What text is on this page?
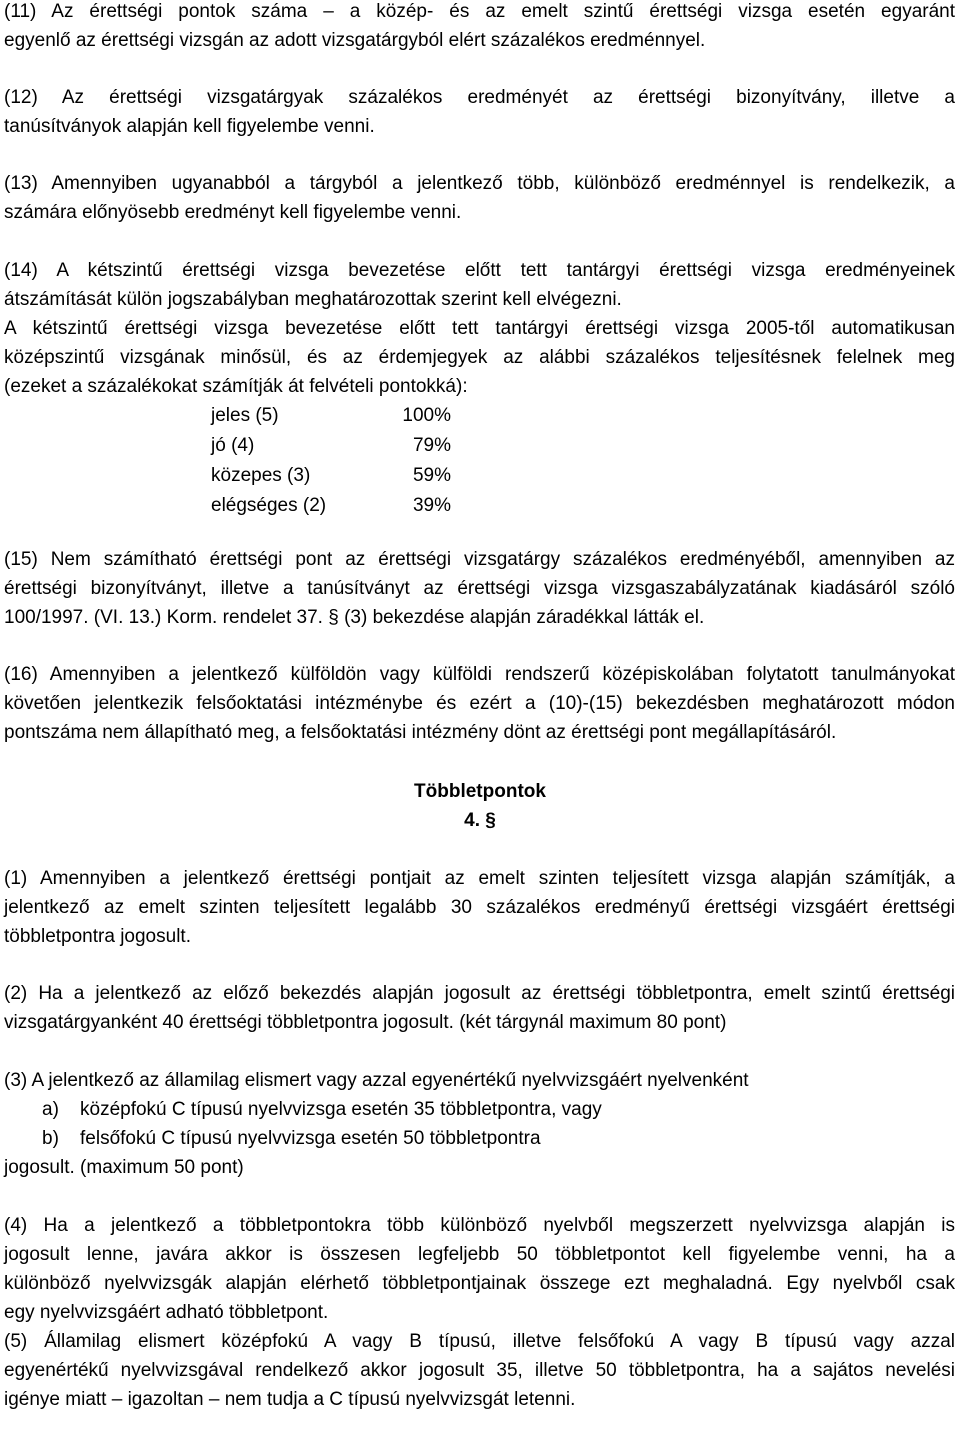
(11) Az érettségi pontok száma – a közép- és az emelt szintű érettségi vizsga esetén egyaránt
egyenlő az érettségi vizsgán az adott vizsgatárgyból elért százalékos eredménnyel.

(12) Az érettségi vizsgatárgyak százalékos eredményét az érettségi bizonyítvány, illetve a
tanúsítványok alapján kell figyelembe venni.

(13) Amennyiben ugyanabból a tárgyból a jelentkező több, különböző eredménnyel is rendelkezik, a
számára előnyösebb eredményt kell figyelembe venni.

(14) A kétszintű érettségi vizsga bevezetése előtt tett tantárgyi érettségi vizsga eredményeinek
átszámítását külön jogszabályban meghatározottak szerint kell elvégezni.
A kétszintű érettségi vizsga bevezetése előtt tett tantárgyi érettségi vizsga 2005-től automatikusan
középszintű vizsgának minősül, és az érdemjegyek az alábbi százalékos teljesítésnek felelnek meg
(ezeket a százalékokat számítják át felvételi pontokká):

jeles (5)	100%
jó (4)	79%
közepes (3)	59%
elégséges (2)	39%

(15) Nem számítható érettségi pont az érettségi vizsgatárgy százalékos eredményéből, amennyiben az
érettségi bizonyítványt, illetve a tanúsítványt az érettségi vizsga vizsgaszabályzatának kiadásáról szóló
100/1997. (VI. 13.) Korm. rendelet 37. § (3) bekezdése alapján záradékkal látták el.

(16) Amennyiben a jelentkező külföldön vagy külföldi rendszerű középiskolában folytatott tanulmányokat
követően jelentkezik felsőoktatási intézménybe és ezért a (10)-(15) bekezdésben meghatározott módon
pontszáma nem állapítható meg, a felsőoktatási intézmény dönt az érettségi pont megállapításáról.

Többletpontok
4. §

(1) Amennyiben a jelentkező érettségi pontjait az emelt szinten teljesített vizsga alapján számítják, a
jelentkező az emelt szinten teljesített legalább 30 százalékos eredményű érettségi vizsgáért érettségi
többletpontra jogosult.

(2) Ha a jelentkező az előző bekezdés alapján jogosult az érettségi többletpontra, emelt szintű érettségi
vizsgatárgyanként 40 érettségi többletpontra jogosult. (két tárgynál maximum 80 pont)

(3) A jelentkező az államilag elismert vagy azzal egyenértékű nyelvvizsgáért nyelvenként
a)	középfokú C típusú nyelvvizsga esetén 35 többletpontra, vagy
b)	felsőfokú C típusú nyelvvizsga esetén 50 többletpontra
jogosult. (maximum 50 pont)

(4) Ha a jelentkező a többletpontokra több különböző nyelvből megszerzett nyelvvizsga alapján is
jogosult lenne, javára akkor is összesen legfeljebb 50 többletpontot kell figyelembe venni, ha a
különböző nyelvvizsgák alapján elérhető többletpontjainak összege ezt meghaladná. Egy nyelvből csak
egy nyelvvizsgáért adható többletpont.

(5) Államilag elismert középfokú A vagy B típusú, illetve felsőfokú A vagy B típusú vagy azzal
egyenértékű nyelvvizsgával rendelkező akkor jogosult 35, illetve 50 többletpontra, ha a sajátos nevelési
igénye miatt – igazoltan – nem tudja a C típusú nyelvvizsgát letenni.
